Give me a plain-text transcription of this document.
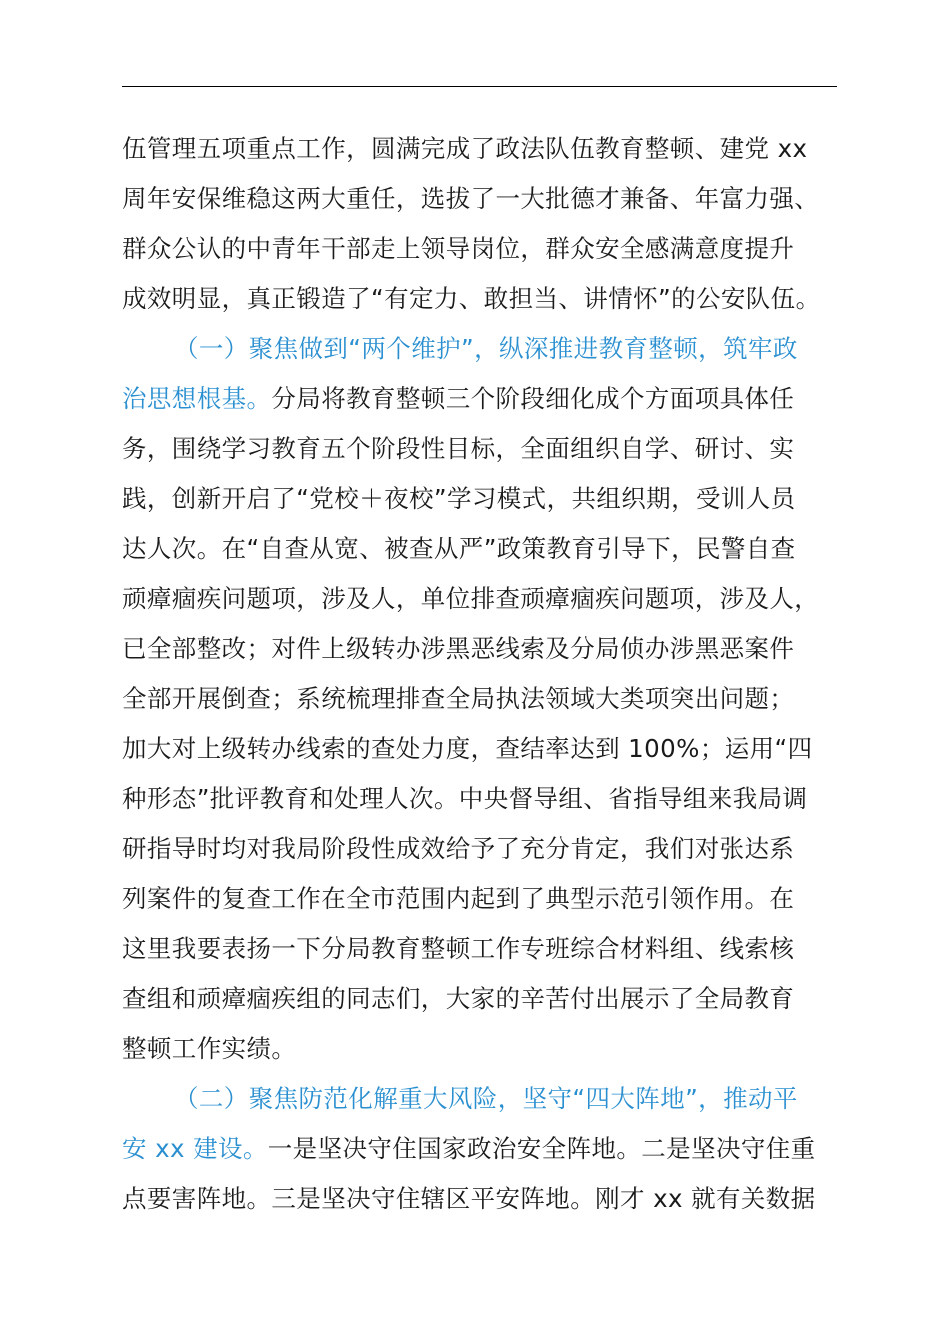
伍管理五项重点工作，圆满完成了政法队伍教育整顿、建党 xx
周年安保维稳这两大重任，选拔了一大批德才兼备、年富力强、
群众公认的中青年干部走上领导岗位，群众安全感满意度提升
成效明显，真正锻造了“有定力、敢担当、讲情怀”的公安队伍。
（一）聚焦做到“两个维护”，纵深推进教育整顿，筑牢政
治思想根基。分局将教育整顿三个阶段细化成个方面项具体任
务，围绕学习教育五个阶段性目标，全面组织自学、研讨、实
践，创新开启了“党校＋夜校”学习模式，共组织期，受训人员
达人次。在“自查从宽、被查从严”政策教育引导下，民警自查
顽瘴痼疾问题项，涉及人，单位排查顽瘴痼疾问题项，涉及人，
已全部整改；对件上级转办涉黑恶线索及分局侦办涉黑恶案件
全部开展倒查；系统梳理排查全局执法领域大类项突出问题；
加大对上级转办线索的查处力度，查结率达到 100%；运用“四
种形态”批评教育和处理人次。中央督导组、省指导组来我局调
研指导时均对我局阶段性成效给予了充分肯定，我们对张达系
列案件的复查工作在全市范围内起到了典型示范引领作用。在
这里我要表扬一下分局教育整顿工作专班综合材料组、线索核
查组和顽瘴痼疾组的同志们，大家的辛苦付出展示了全局教育
整顿工作实绩。
（二）聚焦防范化解重大风险，坚守“四大阵地”，推动平
安 xx 建设。一是坚决守住国家政治安全阵地。二是坚决守住重
点要害阵地。三是坚决守住辖区平安阵地。刚才 xx 就有关数据
